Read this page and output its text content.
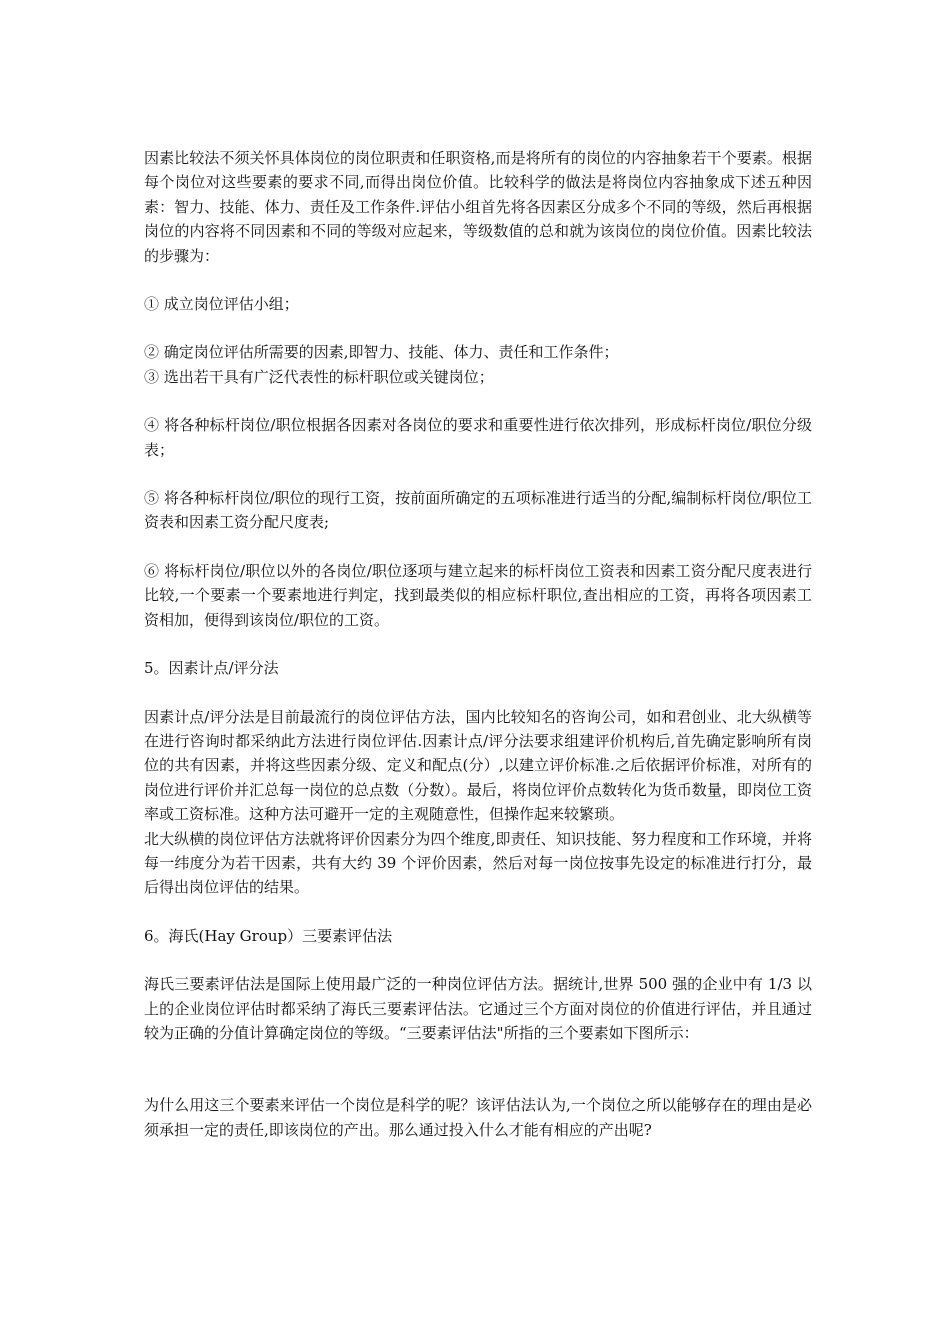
因素比较法不须关怀具体岗位的岗位职责和任职资格,而是将所有的岗位的内容抽象若干个要素。根据每个岗位对这些要素的要求不同,而得出岗位价值。比较科学的做法是将岗位内容抽象成下述五种因素：智力、技能、体力、责任及工作条件.评估小组首先将各因素区分成多个不同的等级，然后再根据岗位的内容将不同因素和不同的等级对应起来，等级数值的总和就为该岗位的岗位价值。因素比较法的步骤为：

① 成立岗位评估小组；

② 确定岗位评估所需要的因素,即智力、技能、体力、责任和工作条件；

③ 选出若干具有广泛代表性的标杆职位或关键岗位；

④ 将各种标杆岗位/职位根据各因素对各岗位的要求和重要性进行依次排列，形成标杆岗位/职位分级表；

⑤ 将各种标杆岗位/职位的现行工资，按前面所确定的五项标准进行适当的分配,编制标杆岗位/职位工资表和因素工资分配尺度表;

⑥ 将标杆岗位/职位以外的各岗位/职位逐项与建立起来的标杆岗位工资表和因素工资分配尺度表进行比较,一个要素一个要素地进行判定，找到最类似的相应标杆职位,查出相应的工资，再将各项因素工资相加，便得到该岗位/职位的工资。

5。因素计点/评分法

因素计点/评分法是目前最流行的岗位评估方法，国内比较知名的咨询公司，如和君创业、北大纵横等在进行咨询时都采纳此方法进行岗位评估.因素计点/评分法要求组建评价机构后,首先确定影响所有岗位的共有因素，并将这些因素分级、定义和配点(分）,以建立评价标准.之后依据评价标准，对所有的岗位进行评价并汇总每一岗位的总点数（分数）。最后，将岗位评价点数转化为货币数量，即岗位工资率或工资标准。这种方法可避开一定的主观随意性，但操作起来较繁琐。

北大纵横的岗位评估方法就将评价因素分为四个维度,即责任、知识技能、努力程度和工作环境，并将每一纬度分为若干因素，共有大约 39 个评价因素，然后对每一岗位按事先设定的标准进行打分，最后得出岗位评估的结果。

6。海氏(Hay Group）三要素评估法

海氏三要素评估法是国际上使用最广泛的一种岗位评估方法。据统计,世界 500 强的企业中有 1/3 以上的企业岗位评估时都采纳了海氏三要素评估法。它通过三个方面对岗位的价值进行评估，并且通过较为正确的分值计算确定岗位的等级。“三要素评估法"所指的三个要素如下图所示：

为什么用这三个要素来评估一个岗位是科学的呢？该评估法认为,一个岗位之所以能够存在的理由是必须承担一定的责任,即该岗位的产出。那么通过投入什么才能有相应的产出呢?
